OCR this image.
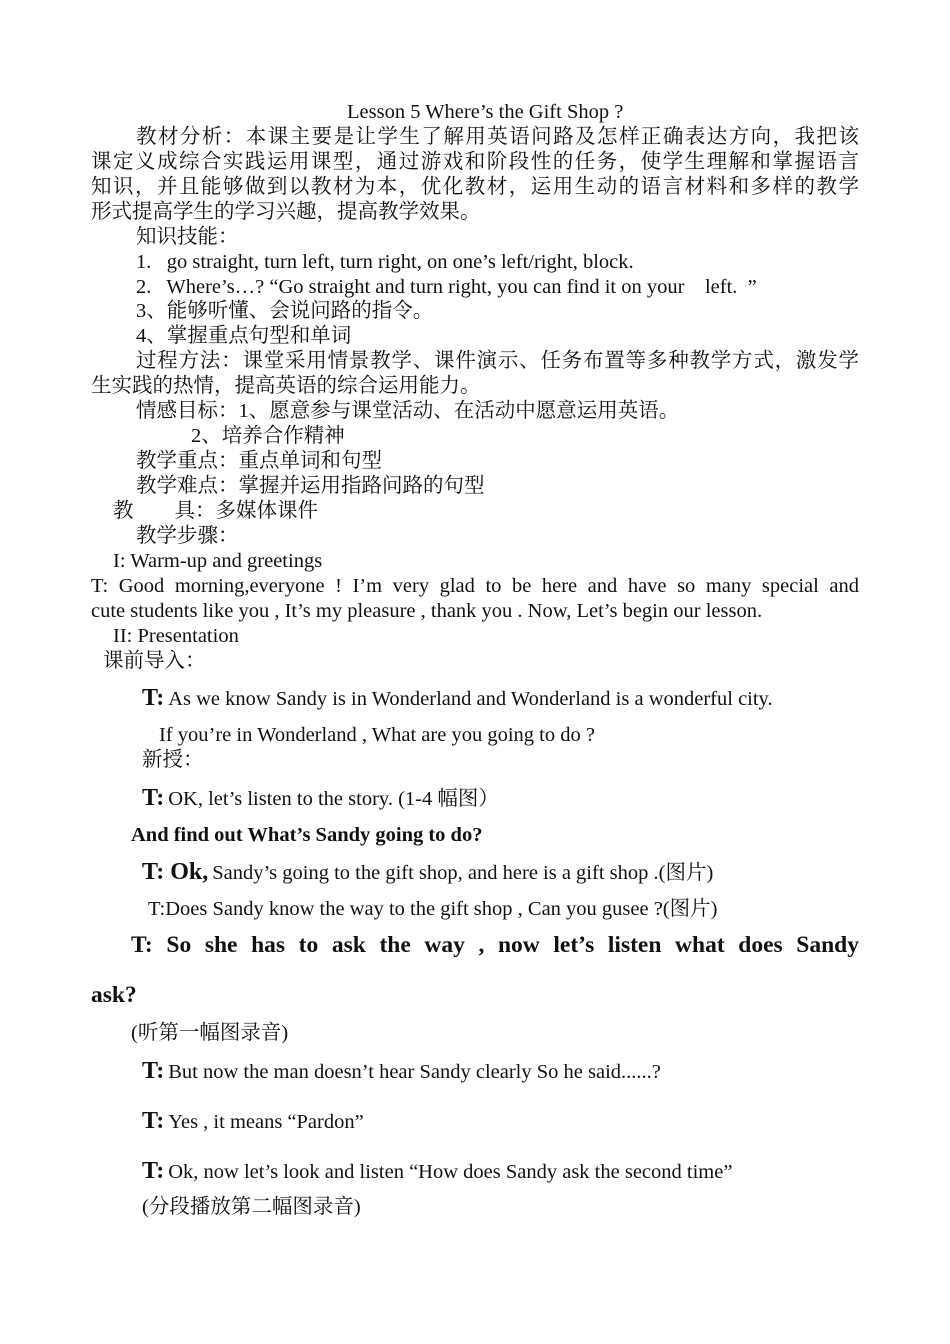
Lesson 5 Where’s the Gift Shop ?
教材分析：本课主要是让学生了解用英语问路及怎样正确表达方向，我把该
课定义成综合实践运用课型，通过游戏和阶段性的任务，使学生理解和掌握语言
知识，并且能够做到以教材为本，优化教材，运用生动的语言材料和多样的教学
形式提高学生的学习兴趣，提高教学效果。
知识技能：
1.   go straight, turn left, turn right, on one’s left/right, block.
2.   Where’s…? “Go straight and turn right, you can find it on your    left.  ”
3、能够听懂、会说问路的指令。
4、掌握重点句型和单词
过程方法：课堂采用情景教学、课件演示、任务布置等多种教学方式，激发学
生实践的热情，提高英语的综合运用能力。
情感目标：1、愿意参与课堂活动、在活动中愿意运用英语。
2、培养合作精神
教学重点：重点单词和句型
教学难点：掌握并运用指路问路的句型
教　　具：多媒体课件
教学步骤：
I: Warm-up and greetings
T: Good morning,everyone ! I’m very glad to be here and have so many special and
cute students like you , It’s my pleasure , thank you . Now, Let’s begin our lesson.
II: Presentation
课前导入：
T: As we know Sandy is in Wonderland and Wonderland is a wonderful city.
If you’re in Wonderland , What are you going to do ?
新授：
T: OK, let’s listen to the story. (1-4 幅图）
And find out What’s Sandy going to do?
T: Ok, Sandy’s going to the gift shop, and here is a gift shop .(图片)
T:Does Sandy know the way to the gift shop , Can you gusee ?(图片)
T: So she has to ask the way , now let’s listen what does Sandy
ask?
(听第一幅图录音)
T: But now the man doesn’t hear Sandy clearly So he said......?
T: Yes , it means “Pardon”
T: Ok, now let’s look and listen “How does Sandy ask the second time”
(分段播放第二幅图录音)
